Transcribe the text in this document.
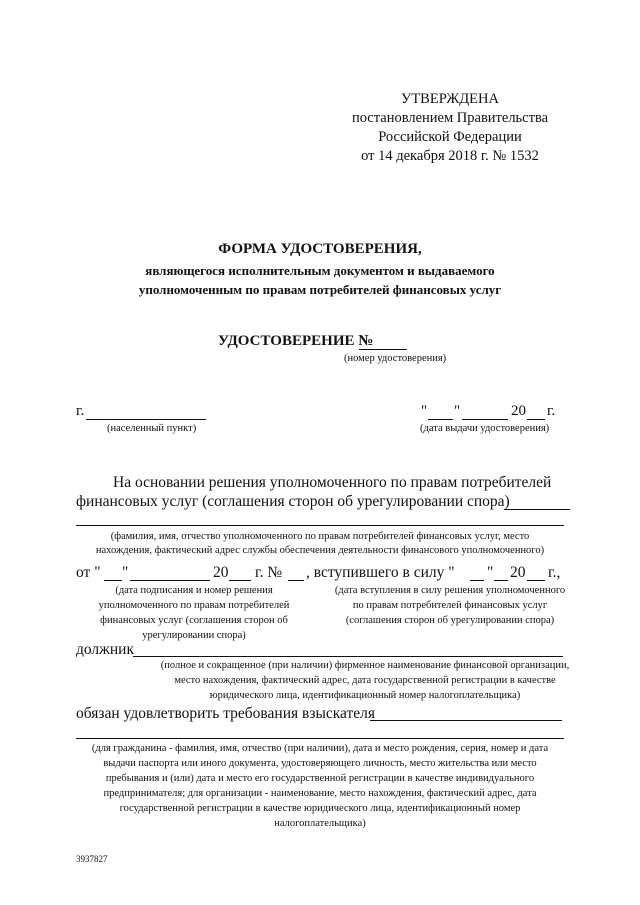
УТВЕРЖДЕНА
постановлением Правительства
Российской Федерации
от 14 декабря 2018 г. № 1532
ФОРМА УДОСТОВЕРЕНИЯ,
являющегося исполнительным документом и выдаваемого
уполномоченным по правам потребителей финансовых услуг
УДОСТОВЕРЕНИЕ №
(номер удостоверения)
г.
(населенный пункт)
" "	20 г.
(дата выдачи удостоверения)
На основании решения уполномоченного по правам потребителей
финансовых услуг (соглашения сторон об урегулировании спора)
(фамилия, имя, отчество уполномоченного по правам потребителей финансовых услуг, место
нахождения, фактический адрес службы обеспечения деятельности финансового уполномоченного)
от " "	20 г. № , вступившего в силу " " 20 г.,
(дата подписания и номер решения уполномоченного по правам потребителей финансовых услуг (соглашения сторон об урегулировании спора)
(дата вступления в силу решения уполномоченного по правам потребителей финансовых услуг (соглашения сторон об урегулировании спора)
должник
(полное и сокращенное (при наличии) фирменное наименование финансовой организации, место нахождения, фактический адрес, дата государственной регистрации в качестве юридического лица, идентификационный номер налогоплательщика)
обязан удовлетворить требования взыскателя
(для гражданина - фамилия, имя, отчество (при наличии), дата и место рождения, серия, номер и дата выдачи паспорта или иного документа, удостоверяющего личность, место жительства или место пребывания и (или) дата и место его государственной регистрации в качестве индивидуального предпринимателя; для организации - наименование, место нахождения, фактический адрес, дата государственной регистрации в качестве юридического лица, идентификационный номер налогоплательщика)
3937827
